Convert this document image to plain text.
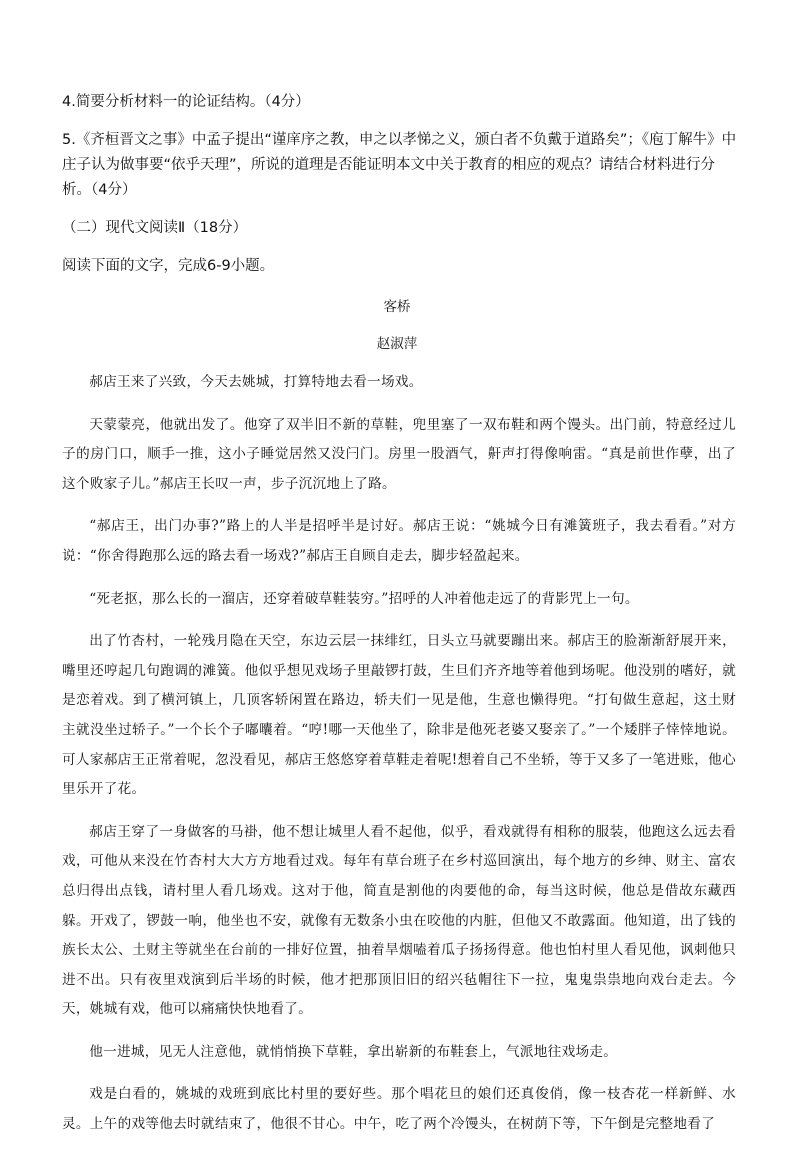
4.简要分析材料一的论证结构。（4分）

5.《齐桓晋文之事》中孟子提出“谨庠序之教，申之以孝悌之义，颁白者不负戴于道路矣”；《庖丁解牛》中庄子认为做事要“依乎天理”，所说的道理是否能证明本文中关于教育的相应的观点？请结合材料进行分析。（4分）

（二）现代文阅读Ⅱ（18分）

阅读下面的文字，完成6-9小题。

客桥

赵淑萍

郝店王来了兴致，今天去姚城，打算特地去看一场戏。

天蒙蒙亮，他就出发了。他穿了双半旧不新的草鞋，兜里塞了一双布鞋和两个馒头。出门前，特意经过儿子的房门口，顺手一推，这小子睡觉居然又没闩门。房里一股酒气，鼾声打得像响雷。“真是前世作孽，出了这个败家子儿。”郝店王长叹一声，步子沉沉地上了路。

“郝店王，出门办事?”路上的人半是招呼半是讨好。郝店王说：“姚城今日有滩簧班子，我去看看。”对方说：“你舍得跑那么远的路去看一场戏?”郝店王自顾自走去，脚步轻盈起来。

“死老抠，那么长的一溜店，还穿着破草鞋装穷。”招呼的人冲着他走远了的背影咒上一句。

出了竹杏村，一轮残月隐在天空，东边云层一抹绯红，日头立马就要蹦出来。郝店王的脸渐渐舒展开来，嘴里还哼起几句跑调的滩簧。他似乎想见戏场子里敲锣打鼓，生旦们齐齐地等着他到场呢。他没别的嗜好，就是恋着戏。到了横河镇上，几顶客轿闲置在路边，轿夫们一见是他，生意也懒得兜。“打旬做生意起，这土财主就没坐过轿子。”一个长个子嘟囔着。“哼!哪一天他坐了，除非是他死老婆又娶亲了。”一个矮胖子悻悻地说。可人家郝店王正常着呢，忽没看见，郝店王悠悠穿着草鞋走着呢!想着自己不坐轿，等于又多了一笔进账，他心里乐开了花。

郝店王穿了一身做客的马褂，他不想让城里人看不起他，似乎，看戏就得有相称的服装，他跑这么远去看戏，可他从来没在竹杏村大大方方地看过戏。每年有草台班子在乡村巡回演出，每个地方的乡绅、财主、富农总归得出点钱，请村里人看几场戏。这对于他，简直是割他的肉要他的命，每当这时候，他总是借故东藏西躲。开戏了，锣鼓一响，他坐也不安，就像有无数条小虫在咬他的内脏，但他又不敢露面。他知道，出了钱的族长太公、土财主等就坐在台前的一排好位置，抽着旱烟嗑着瓜子扬扬得意。他也怕村里人看见他，讽刺他只进不出。只有夜里戏演到后半场的时候，他才把那顶旧旧的绍兴毡帽往下一拉，鬼鬼祟祟地向戏台走去。今天，姚城有戏，他可以痛痛快快地看了。

他一进城，见无人注意他，就悄悄换下草鞋，拿出崭新的布鞋套上，气派地往戏场走。

戏是白看的，姚城的戏班到底比村里的要好些。那个唱花旦的娘们还真俊俏，像一枝杏花一样新鲜、水灵。上午的戏等他去时就结束了，他很不甘心。中午，吃了两个冷馒头，在树荫下等，下午倒是完整地看了
